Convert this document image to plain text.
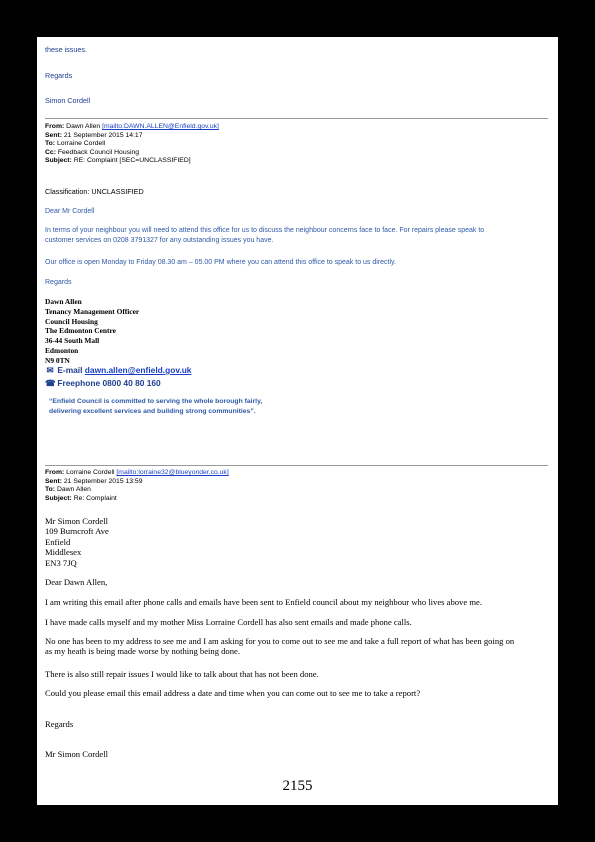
these issues.
Regards
Simon Cordell
From: Dawn Allen [mailto:DAWN.ALLEN@Enfield.gov.uk]
Sent: 21 September 2015 14:17
To: Lorraine Cordell
Cc: Feedback Council Housing
Subject: RE: Complaint [SEC=UNCLASSIFIED]
Classification: UNCLASSIFIED
Dear Mr Cordell
In terms of your neighbour you will need to attend this office for us to discuss the neighbour concerns face to face. For repairs please speak to
customer services on 0208 3791327 for any outstanding issues you have.
Our office is open Monday to Friday 08.30 am – 05.00 PM where you can attend this office to speak to us directly.
Regards
Dawn Allen
Tenancy Management Officer
Council Housing
The Edmonton Centre
36-44 South Mall
Edmonton
N9 0TN
✉ E-mail dawn.allen@enfield.gov.uk
☎ Freephone 0800 40 80 160
“Enfield Council is committed to serving the whole borough fairly,
delivering excellent services and building strong communities”.
From: Lorraine Cordell [mailto:lorraine32@blueyonder.co.uk]
Sent: 21 September 2015 13:59
To: Dawn Allen
Subject: Re: Complaint
Mr Simon Cordell
109 Burncroft Ave
Enfield
Middlesex
EN3 7JQ
Dear Dawn Allen,
I am writing this email after phone calls and emails have been sent to Enfield council about my neighbour who lives above me.
I have made calls myself and my mother Miss Lorraine Cordell has also sent emails and made phone calls.
No one has been to my address to see me and I am asking for you to come out to see me and take a full report of what has been going on
as my heath is being made worse by nothing being done.
There is also still repair issues I would like to talk about that has not been done.
Could you please email this email address a date and time when you can come out to see me to take a report?
Regards
Mr Simon Cordell
2155
